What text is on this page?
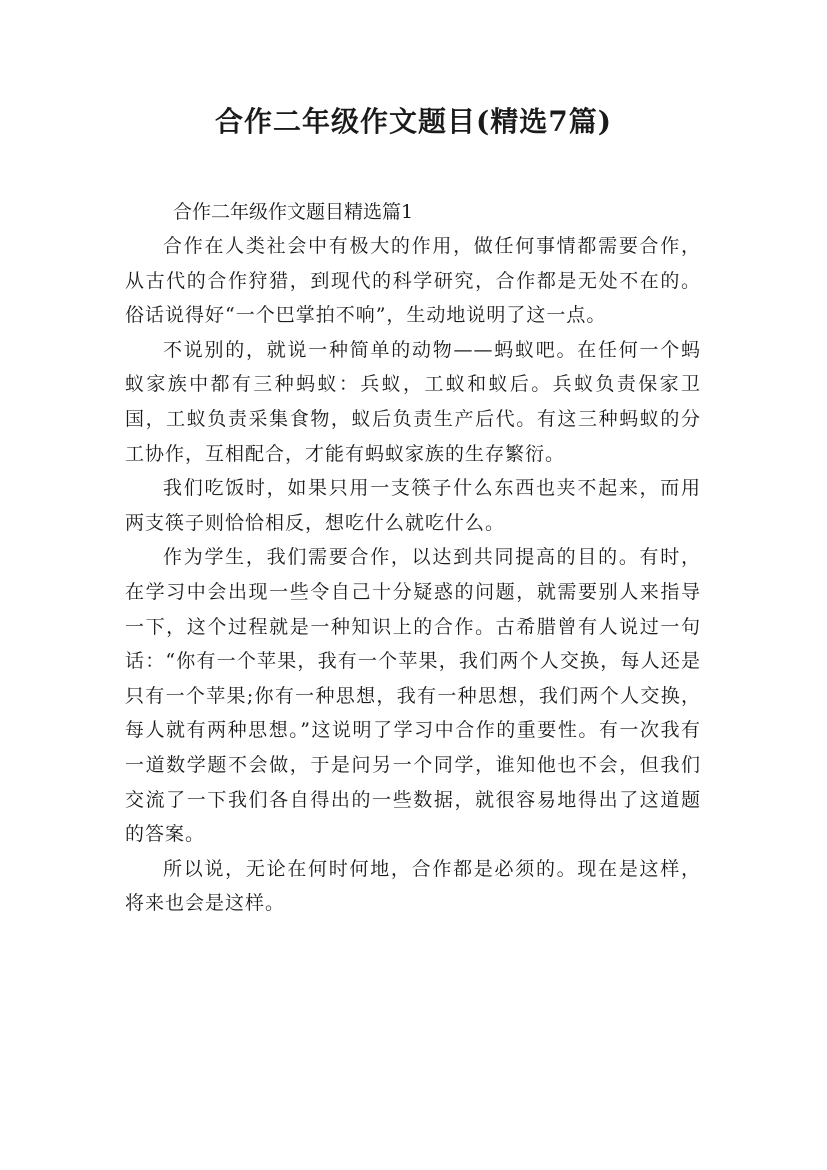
合作二年级作文题目(精选7篇)

合作二年级作文题目精选篇1

合作在人类社会中有极大的作用，做任何事情都需要合作，从古代的合作狩猎，到现代的科学研究，合作都是无处不在的。俗话说得好“一个巴掌拍不响”，生动地说明了这一点。

不说别的，就说一种简单的动物——蚂蚁吧。在任何一个蚂蚁家族中都有三种蚂蚁：兵蚁，工蚁和蚁后。兵蚁负责保家卫国，工蚁负责采集食物，蚁后负责生产后代。有这三种蚂蚁的分工协作，互相配合，才能有蚂蚁家族的生存繁衍。

我们吃饭时，如果只用一支筷子什么东西也夹不起来，而用两支筷子则恰恰相反，想吃什么就吃什么。

作为学生，我们需要合作，以达到共同提高的目的。有时，在学习中会出现一些令自己十分疑惑的问题，就需要别人来指导一下，这个过程就是一种知识上的合作。古希腊曾有人说过一句话：“你有一个苹果，我有一个苹果，我们两个人交换，每人还是只有一个苹果;你有一种思想，我有一种思想，我们两个人交换，每人就有两种思想。”这说明了学习中合作的重要性。有一次我有一道数学题不会做，于是问另一个同学，谁知他也不会，但我们交流了一下我们各自得出的一些数据，就很容易地得出了这道题的答案。

所以说，无论在何时何地，合作都是必须的。现在是这样，将来也会是这样。
